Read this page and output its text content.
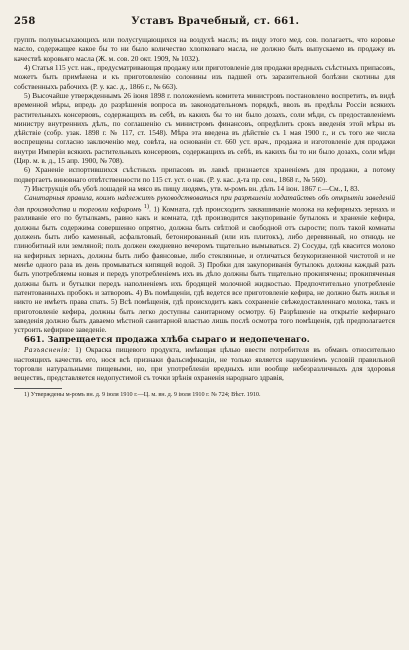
258	Уставъ Врачебный, ст. 661.

группъ полувысыхающихъ или полусгущающихся на воздухѣ маслъ; въ виду этого мед. сов. полагаетъ, что коровье масло, содержащее какое бы то ни было количество хлопковаго масла, не должно быть выпускаемо въ продажу въ качествѣ коровьяго масла (Ж. м. сов. 20 окт. 1909, № 1032).

4) Статья 115 уст. нак., предусматривающая продажу или приготовленіе для продажи вредныхъ съѣстныхъ припасовъ, можетъ быть примѣнена и къ приготовленію солонины изъ падшей отъ заразительной болѣзни скотины для собственныхъ рабочихъ (Р. у. кас. д., 1866 г., № 663).

5) Высочайше утвержденнымъ 26 іюня 1898 г. положеніемъ комитета министровъ постановлено воспретить, въ видѣ временной мѣры, впредь до разрѣшенія вопроса въ законодательномъ порядкѣ, ввозъ въ предѣлы Россіи всякихъ растительныхъ консервовъ, содержащихъ въ себѣ, въ какихъ бы то ни было дозахъ, соли мѣди, съ предоставленіемъ министру внутреннихъ дѣлъ, по соглашенію съ министромъ финансовъ, опредѣлить срокъ введенія этой мѣры въ дѣйствіе (собр. узак. 1898 г. № 117, ст. 1548). Мѣра эта введена въ дѣйствіе съ 1 мая 1900 г., и съ того же числа воспрещены согласно заключенію мед. совѣта, на основаніи ст. 660 уст. врач., продажа и изготовленіе для продажи внутри Имперіи всякихъ растительныхъ консервовъ, содержащихъ въ себѣ, въ какихъ бы то ни было дозахъ, соли мѣди (Цир. м. в. д., 15 апр. 1900, № 708).

6) Храненіе испортившихся съѣстныхъ припасовъ въ лавкѣ признается храненіемъ для продажи, а потому подвергаетъ виновнаго отвѣтственности по 115 ст. уст. о нак. (Р. у. кас. д-та пр. сен., 1868 г., № 560).

7) Инструкція объ убоѣ лошадей на мясо въ пищу людямъ, утв. м-ромъ вн. дѣлъ 14 іюн. 1867 г.—См., I, 83.

Санитарныя правила, коимъ надлежитъ руководствоваться при разрѣшеніи ходатайствъ объ открытіи заведеній для производства и торговли кефиромъ $^{1)}$. 1) Комната, гдѣ происходитъ заквашиваніе молока на кефирныхъ зернахъ и разливаніе его по бутылкамъ, равно какъ и комната, гдѣ производится закупориваніе бутылокъ и храненіе кефира, должны быть содержима совершенно опрятно, должна быть свѣтлой и свободной отъ сырости; полъ такой комнаты долженъ быть либо каменный, асфальтовый, бетонированный (или изъ плитокъ), либо деревянный, но отнюдь не глинобитный или земляной; полъ должен ежедневно вечеромъ тщательно вымываться. 2) Сосуды, гдѣ квасится молоко на кефирных зернахъ, должны быть либо фаянсовые, либо стеклянные, и отличаться безукоризненной чистотой и не менѣе одного раза въ день промываться кипящей водой. 3) Пробки для закупориванія бутылокъ должны каждый разъ быть употребляемы новыя и передъ употребленіемъ ихъ въ дѣло должны быть тщательно прокипячены; прокипяченыя должны быть и бутылки передъ наполненіемъ ихъ бродящей молочной жидкостью. Предпочтительно употребленіе патентованныхъ пробокъ и затворовъ. 4) Въ помѣщеніи, гдѣ ведется все приготовленіе кефира, не должно быть жилья и никто не имѣетъ права спать. 5) Всѣ помѣщенія, гдѣ происходитъ какъ сохраненіе свѣжедоставленнаго молока, такъ и приготовленіе кефира, должны быть легко доступны санитарному осмотру. 6) Разрѣшеніе на открытіе кефирнаго заведенія должно быть даваемо мѣстной санитарной властью лишь послѣ осмотра того помѣщенія, гдѣ предполагается устроить кефирное заведеніе.

661. Запрещается продажа хлѣба сыраго и недопеченаго.

Разъясненія: 1) Окраска пищевого продукта, имѣющая цѣлью ввести потребителя въ обманъ относительно настоящихъ качествъ его, нося всѣ признаки фальсификаціи, не только является нарушеніемъ условій правильной торговли натуральными пищевыми, но, при употребленіи вредныхъ или вообще небезразличныхъ для здоровья веществъ, представляется недопустимой съ точки зрѣнія охраненія народнаго здравія,

1) Утверждены м-ромъ вн. д. 9 іюля 1910 г.—Ц. м. вн. д. 9 іюля 1910 г. № 724; Вѣст. 1910.
